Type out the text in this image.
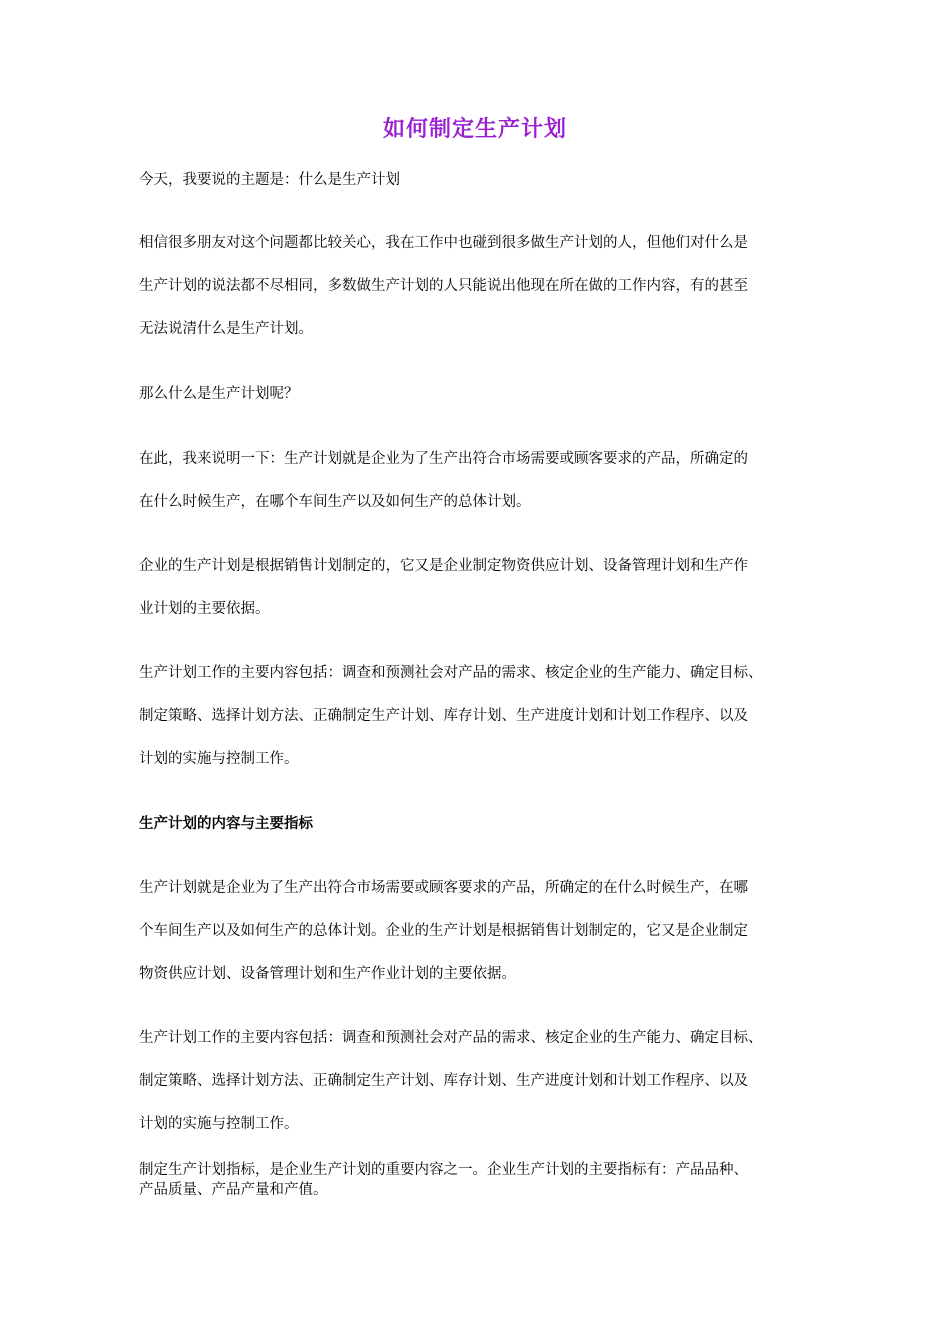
如何制定生产计划
今天，我要说的主题是：什么是生产计划
相信很多朋友对这个问题都比较关心，我在工作中也碰到很多做生产计划的人，但他们对什么是
生产计划的说法都不尽相同，多数做生产计划的人只能说出他现在所在做的工作内容，有的甚至
无法说清什么是生产计划。
那么什么是生产计划呢？
在此，我来说明一下：生产计划就是企业为了生产出符合市场需要或顾客要求的产品，所确定的
在什么时候生产，在哪个车间生产以及如何生产的总体计划。
企业的生产计划是根据销售计划制定的，它又是企业制定物资供应计划、设备管理计划和生产作
业计划的主要依据。
生产计划工作的主要内容包括：调查和预测社会对产品的需求、核定企业的生产能力、确定目标、
制定策略、选择计划方法、正确制定生产计划、库存计划、生产进度计划和计划工作程序、以及
计划的实施与控制工作。
生产计划的内容与主要指标
生产计划就是企业为了生产出符合市场需要或顾客要求的产品，所确定的在什么时候生产，在哪
个车间生产以及如何生产的总体计划。企业的生产计划是根据销售计划制定的，它又是企业制定
物资供应计划、设备管理计划和生产作业计划的主要依据。
生产计划工作的主要内容包括：调查和预测社会对产品的需求、核定企业的生产能力、确定目标、
制定策略、选择计划方法、正确制定生产计划、库存计划、生产进度计划和计划工作程序、以及
计划的实施与控制工作。
制定生产计划指标，是企业生产计划的重要内容之一。企业生产计划的主要指标有：产品品种、
产品质量、产品产量和产值。
